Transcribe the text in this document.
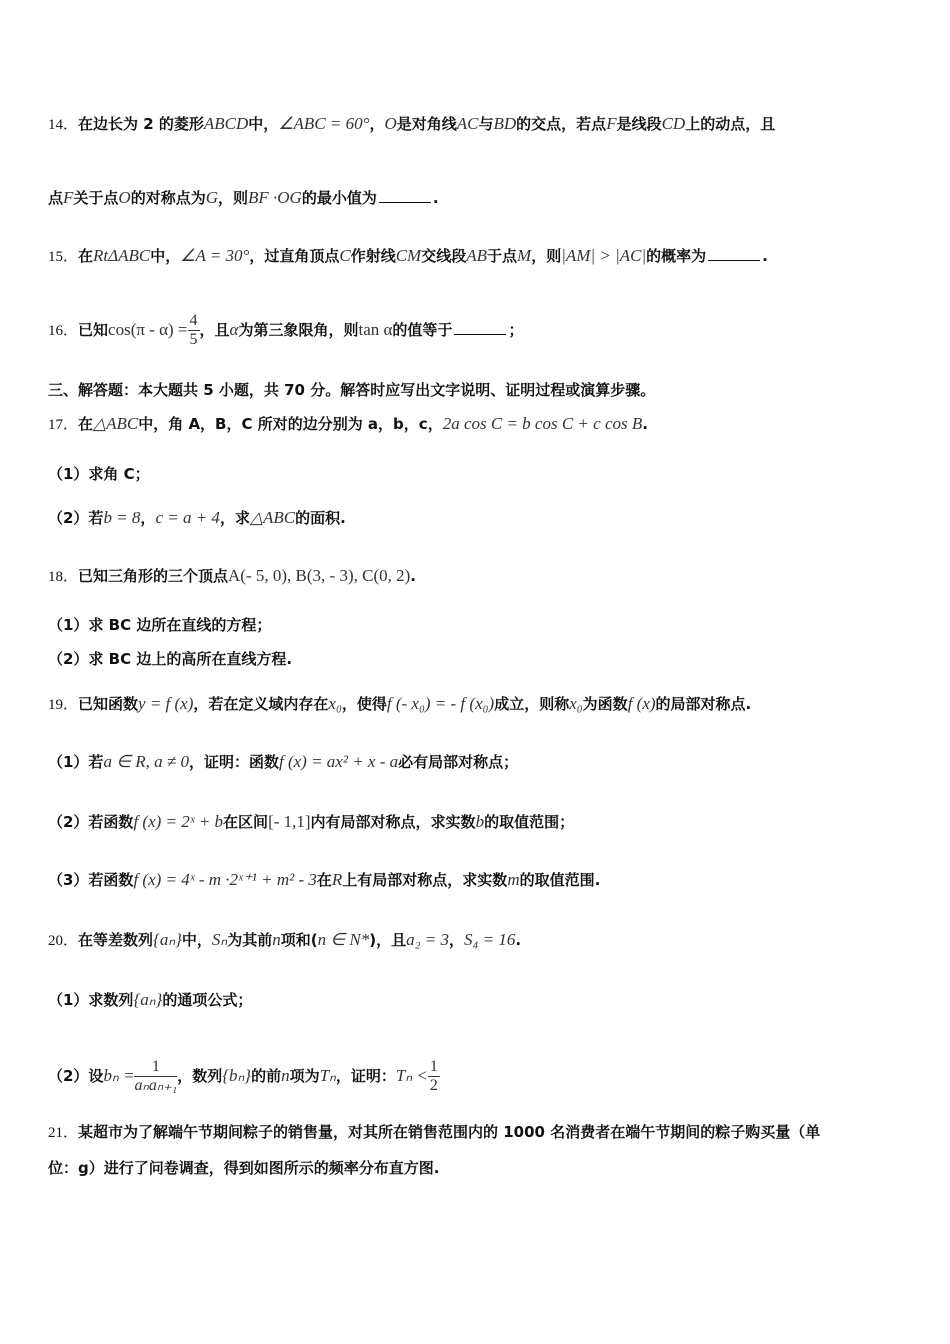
14．在边长为 2 的菱形ABCD中，∠ABC = 60°，O是对角线AC与BD的交点，若点F是线段CD上的动点，且
点F关于点O的对称点为G，则BF ·OG的最小值为	.
15．在RtΔABC中，∠A = 30°，过直角顶点C作射线CM交线段AB于点M，则|AM| > |AC|的概率为	.
16．已知$\cos(\pi - \alpha) = \frac{4}{5}$ ，且α为第三象限角，则tan α的值等于	；
三、解答题：本大题共 5 小题，共 70 分。解答时应写出文字说明、证明过程或演算步骤。
17．在△ABC中，角 A，B，C 所对的边分别为 a，b，c，2a cos C = b cos C + c cos B.
（1）求角 C；
（2）若b = 8，c = a + 4，求△ABC的面积.
18．已知三角形的三个顶点A(- 5, 0), B(3, - 3), C(0, 2).
（1）求 BC 边所在直线的方程；
（2）求 BC 边上的高所在直线方程.
19．已知函数y = f (x)，若在定义域内存在x₀，使得f (- x₀) = - f (x₀)成立，则称x₀为函数f (x)的局部对称点.
（1）若a ∈ R, a ≠ 0，证明：函数f (x) = ax² + x - a必有局部对称点；
（2）若函数f (x) = 2ˣ + b在区间[- 1,1]内有局部对称点，求实数b的取值范围；
（3）若函数f (x) = 4ˣ - m ·2ˣ⁺¹ + m² - 3在R上有局部对称点，求实数m的取值范围.
20．在等差数列{aₙ}中，Sₙ为其前n项和(n ∈ N*)，且a₂ = 3，S₄ = 16.
（1）求数列{aₙ}的通项公式；
（2）设$b_n = \frac{1}{\text{aₙaₙ₊₁}}$ ，数列{bₙ}的前n项为Tₙ，证明：$T_n < \frac{1}{2}$
21．某超市为了解端午节期间粽子的销售量，对其所在销售范围内的 1000 名消费者在端午节期间的粽子购买量（单
位：g）进行了问卷调查，得到如图所示的频率分布直方图.
